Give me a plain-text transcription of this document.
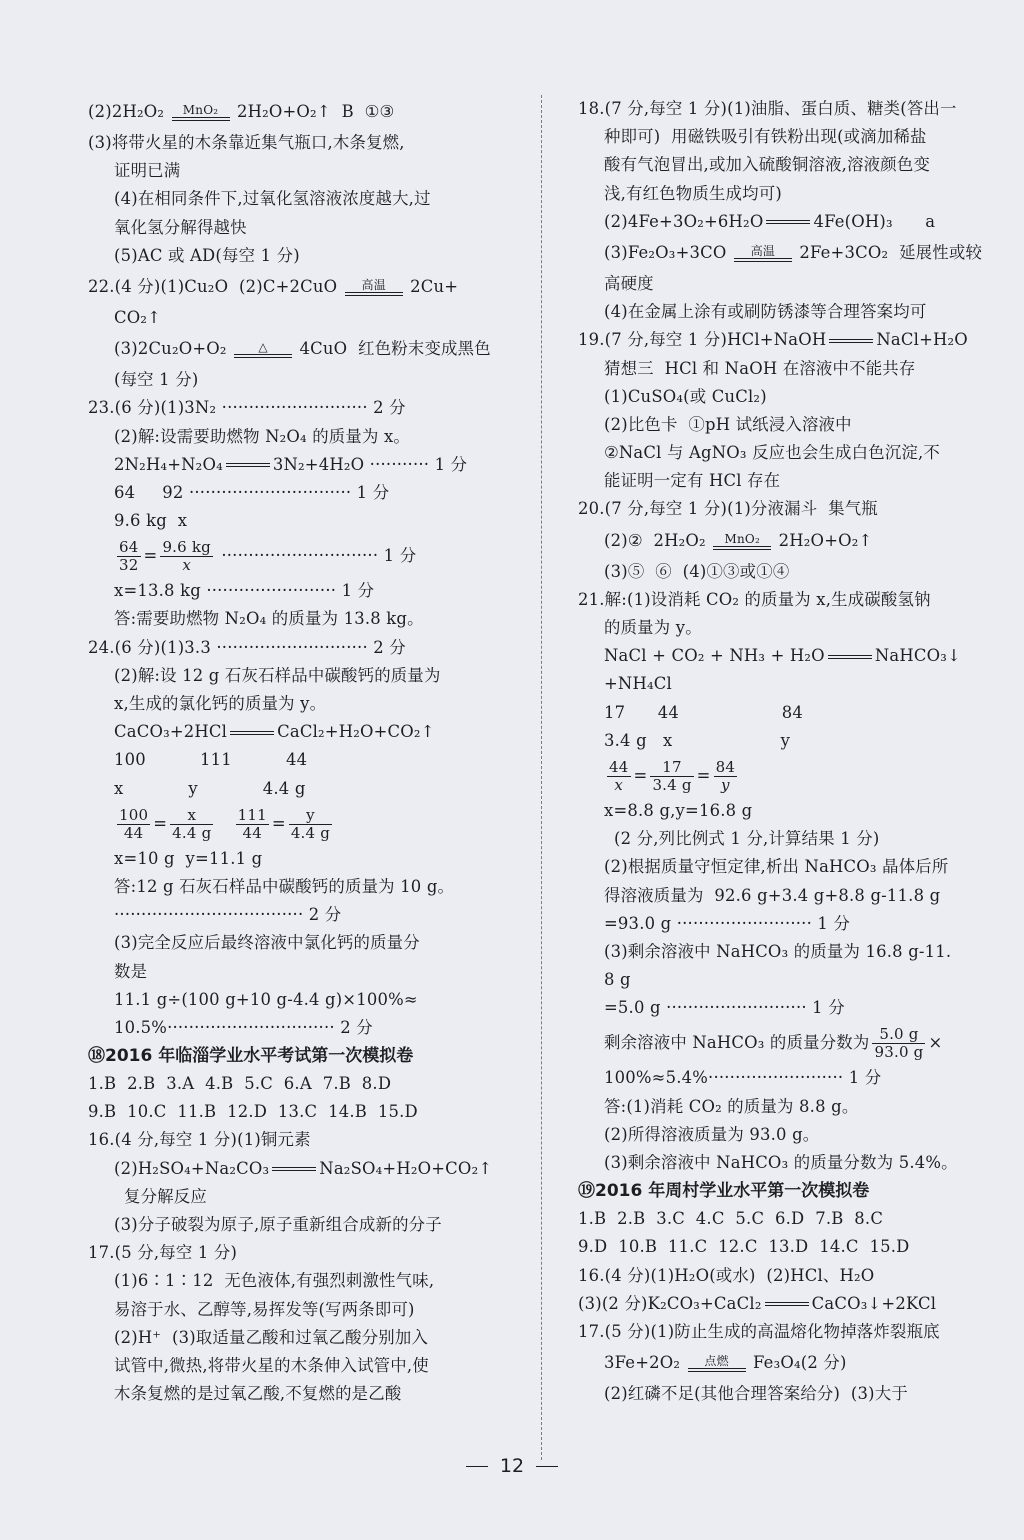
(2)2H₂O₂	MnO₂ 2H₂O+O₂↑  B  ①③
(3)将带火星的木条靠近集气瓶口,木条复燃,
证明已满
(4)在相同条件下,过氧化氢溶液浓度越大,过
氧化氢分解得越快
(5)AC 或 AD(每空 1 分)
22.(4 分)(1)Cu₂O  (2)C+2CuO	高温	2Cu+
CO₂↑
(3)2Cu₂O+O₂	△	4CuO  红色粉末变成黑色
(每空 1 分)
23.(6 分)(1)3N₂ ··························· 2 分
(2)解:设需要助燃物 N₂O₄ 的质量为 x。
2N₂H₄+N₂O₄	3N₂+4H₂O ··········· 1 分
64     92 ······························ 1 分
9.6 kg  x
$\frac{64}{32} = \frac{9.6 kg}{x}$ ····························· 1 分
x=13.8 kg ························ 1 分
答:需要助燃物 N₂O₄ 的质量为 13.8 kg。
24.(6 分)(1)3.3 ···························· 2 分
(2)解:设 12 g 石灰石样品中碳酸钙的质量为
x,生成的氯化钙的质量为 y。
CaCO₃+2HCl	CaCl₂+H₂O+CO₂↑
100          111          44
x            y            4.4 g
$\frac{100}{44} = \frac{x}{4.4 g}$
$\frac{111}{44} = \frac{y}{4.4 g}$
x=10 g  y=11.1 g
答:12 g 石灰石样品中碳酸钙的质量为 10 g。
··································· 2 分
(3)完全反应后最终溶液中氯化钙的质量分
数是
11.1 g÷(100 g+10 g-4.4 g)×100%≈
10.5%······························· 2 分
⑱2016 年临淄学业水平考试第一次模拟卷
1.B  2.B  3.A  4.B  5.C  6.A  7.B  8.D
9.B  10.C  11.B  12.D  13.C  14.B  15.D
16.(4 分,每空 1 分)(1)铜元素
(2)H₂SO₄+Na₂CO₃	Na₂SO₄+H₂O+CO₂↑
复分解反应
(3)分子破裂为原子,原子重新组合成新的分子
17.(5 分,每空 1 分)
(1)6∶1∶12  无色液体,有强烈刺激性气味,
易溶于水、乙醇等,易挥发等(写两条即可)
(2)H⁺  (3)取适量乙酸和过氧乙酸分别加入
试管中,微热,将带火星的木条伸入试管中,使
木条复燃的是过氧乙酸,不复燃的是乙酸
18.(7 分,每空 1 分)(1)油脂、蛋白质、糖类(答出一
种即可)  用磁铁吸引有铁粉出现(或滴加稀盐
酸有气泡冒出,或加入硫酸铜溶液,溶液颜色变
浅,有红色物质生成均可)
(2)4Fe+3O₂+6H₂O	4Fe(OH)₃      a
(3)Fe₂O₃+3CO	高温	2Fe+3CO₂  延展性或较
高硬度
(4)在金属上涂有或刷防锈漆等合理答案均可
19.(7 分,每空 1 分)HCl+NaOH	NaCl+H₂O
猜想三  HCl 和 NaOH 在溶液中不能共存
(1)CuSO₄(或 CuCl₂)
(2)比色卡  ①pH 试纸浸入溶液中
②NaCl 与 AgNO₃ 反应也会生成白色沉淀,不
能证明一定有 HCl 存在
20.(7 分,每空 1 分)(1)分液漏斗  集气瓶
(2)②  2H₂O₂	MnO₂ 2H₂O+O₂↑
(3)⑤  ⑥  (4)①③或①④
21.解:(1)设消耗 CO₂ 的质量为 x,生成碳酸氢钠
的质量为 y。
NaCl + CO₂ + NH₃ + H₂O	NaHCO₃↓
+NH₄Cl
17      44                   84
3.4 g   x                    y
$\frac{44}{x} = \frac{17}{3.4 g} = \frac{84}{y}$
x=8.8 g,y=16.8 g
(2 分,列比例式 1 分,计算结果 1 分)
(2)根据质量守恒定律,析出 NaHCO₃ 晶体后所
得溶液质量为  92.6 g+3.4 g+8.8 g-11.8 g
=93.0 g ························· 1 分
(3)剩余溶液中 NaHCO₃ 的质量为 16.8 g-11.
8 g
=5.0 g ·························· 1 分
剩余溶液中 NaHCO₃ 的质量分数为 $\frac{5.0 g}{93.0 g}$ ×
100%≈5.4%························· 1 分
答:(1)消耗 CO₂ 的质量为 8.8 g。
(2)所得溶液质量为 93.0 g。
(3)剩余溶液中 NaHCO₃ 的质量分数为 5.4%。
⑲2016 年周村学业水平第一次模拟卷
1.B  2.B  3.C  4.C  5.C  6.D  7.B  8.C
9.D  10.B  11.C  12.C  13.D  14.C  15.D
16.(4 分)(1)H₂O(或水)  (2)HCl、H₂O
(3)(2 分)K₂CO₃+CaCl₂	CaCO₃↓+2KCl
17.(5 分)(1)防止生成的高温熔化物掉落炸裂瓶底
3Fe+2O₂	点燃	Fe₃O₄(2 分)
(2)红磷不足(其他合理答案给分)  (3)大于
12
